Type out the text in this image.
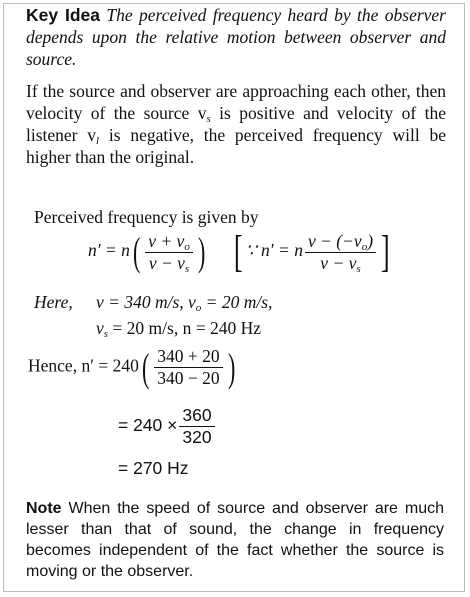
Key Idea The perceived frequency heard by the observer depends upon the relative motion between observer and source.
If the source and observer are approaching each other, then velocity of the source $v_s$ is positive and velocity of the listener $v_l$ is negative, the perceived frequency will be higher than the original.
Perceived frequency is given by
$n' = n( \frac{v + v_o}{v - v_s}$ ) [ ∵ n′ = n $\frac{v - (-v_o)}{v - v_s}$ ]
Here, v = 340 m/s, $v_o = 20$ m/s,
$v_s = 20$ m/s, n = 240 Hz
Hence, $n' = 240( \frac{340 + 20}{340 - 20}$ )
= $240 \times \frac{360}{320}$
= 270 Hz
Note When the speed of source and observer are much lesser than that of sound, the change in frequency becomes independent of the fact whether the source is moving or the observer.
